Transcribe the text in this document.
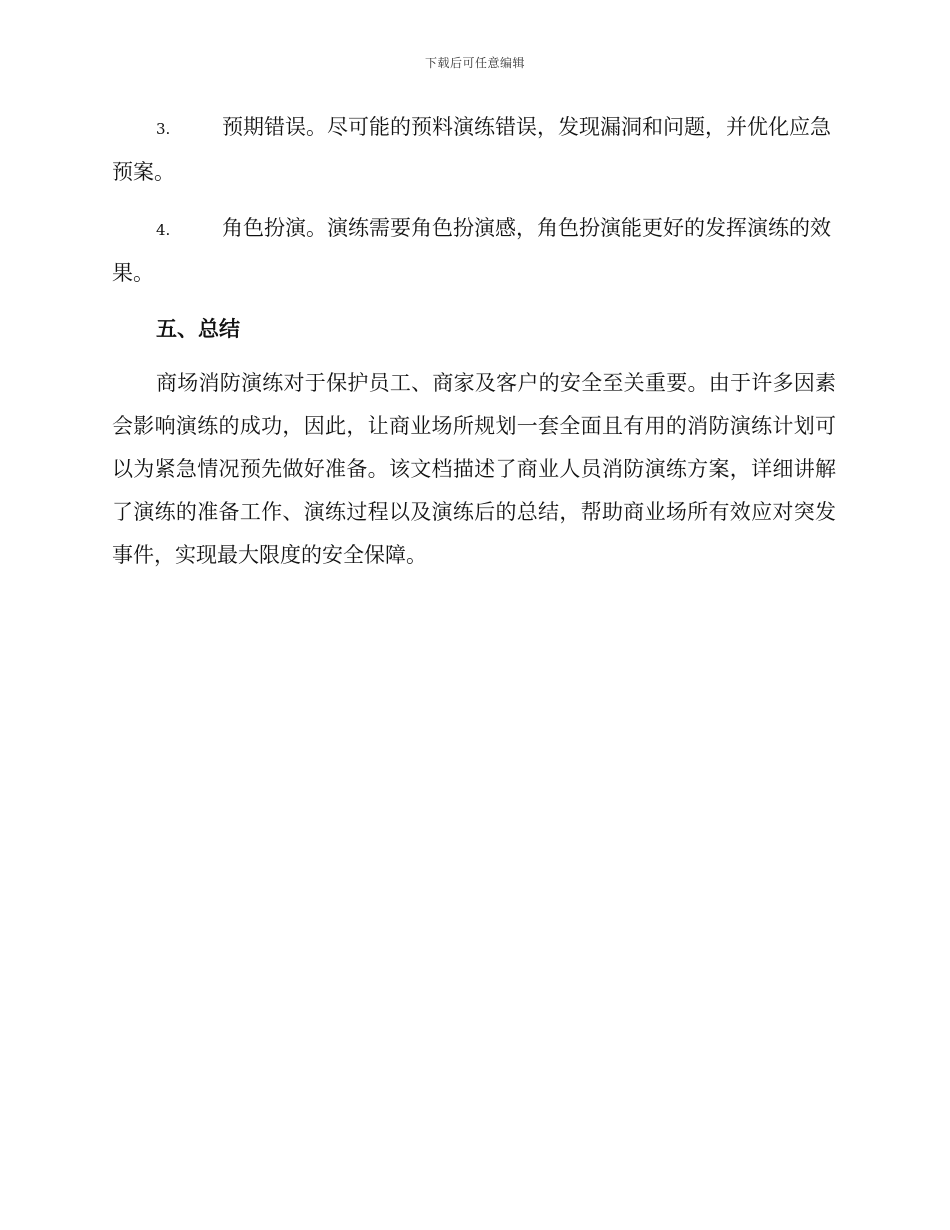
下载后可任意编辑

3. 预期错误。尽可能的预料演练错误，发现漏洞和问题，并优化应急预案。

4. 角色扮演。演练需要角色扮演感，角色扮演能更好的发挥演练的效果。

五、总结

商场消防演练对于保护员工、商家及客户的安全至关重要。由于许多因素会影响演练的成功，因此，让商业场所规划一套全面且有用的消防演练计划可以为紧急情况预先做好准备。该文档描述了商业人员消防演练方案，详细讲解了演练的准备工作、演练过程以及演练后的总结，帮助商业场所有效应对突发事件，实现最大限度的安全保障。
